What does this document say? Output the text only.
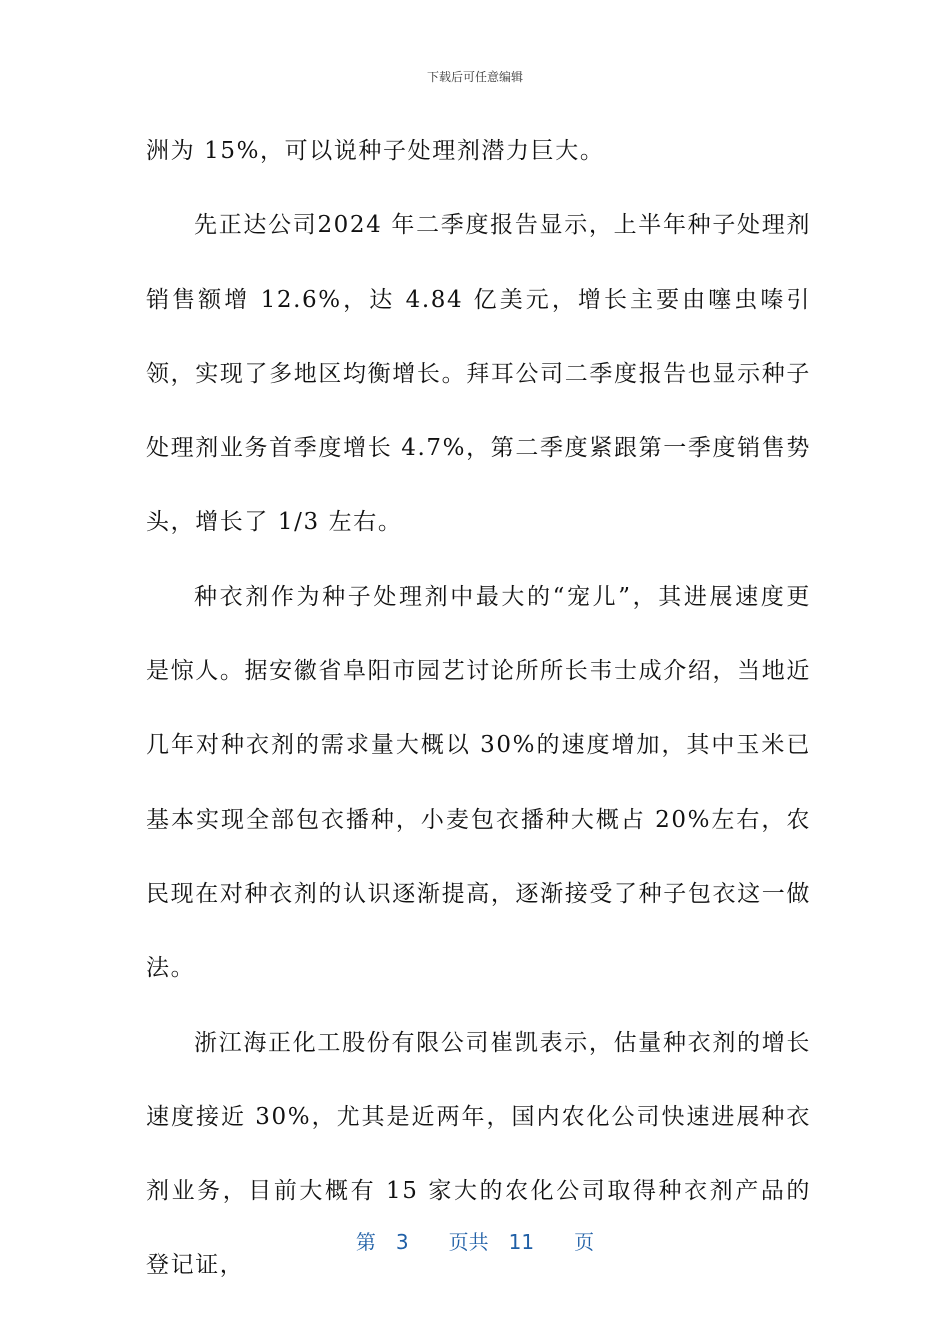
下载后可任意编辑

洲为 15%，可以说种子处理剂潜力巨大。

先正达公司2024 年二季度报告显示，上半年种子处理剂销售额增 12.6%，达 4.84 亿美元，增长主要由噻虫嗪引领，实现了多地区均衡增长。拜耳公司二季度报告也显示种子处理剂业务首季度增长 4.7%，第二季度紧跟第一季度销售势头，增长了 1/3 左右。

种衣剂作为种子处理剂中最大的“宠儿”，其进展速度更是惊人。据安徽省阜阳市园艺讨论所所长韦士成介绍，当地近几年对种衣剂的需求量大概以 30%的速度增加，其中玉米已基本实现全部包衣播种，小麦包衣播种大概占 20%左右，农民现在对种衣剂的认识逐渐提高，逐渐接受了种子包衣这一做法。

浙江海正化工股份有限公司崔凯表示，估量种衣剂的增长速度接近 30%，尤其是近两年，国内农化公司快速进展种衣剂业务，目前大概有 15 家大的农化公司取得种衣剂产品的登记证，

第 3 页共 11 页
